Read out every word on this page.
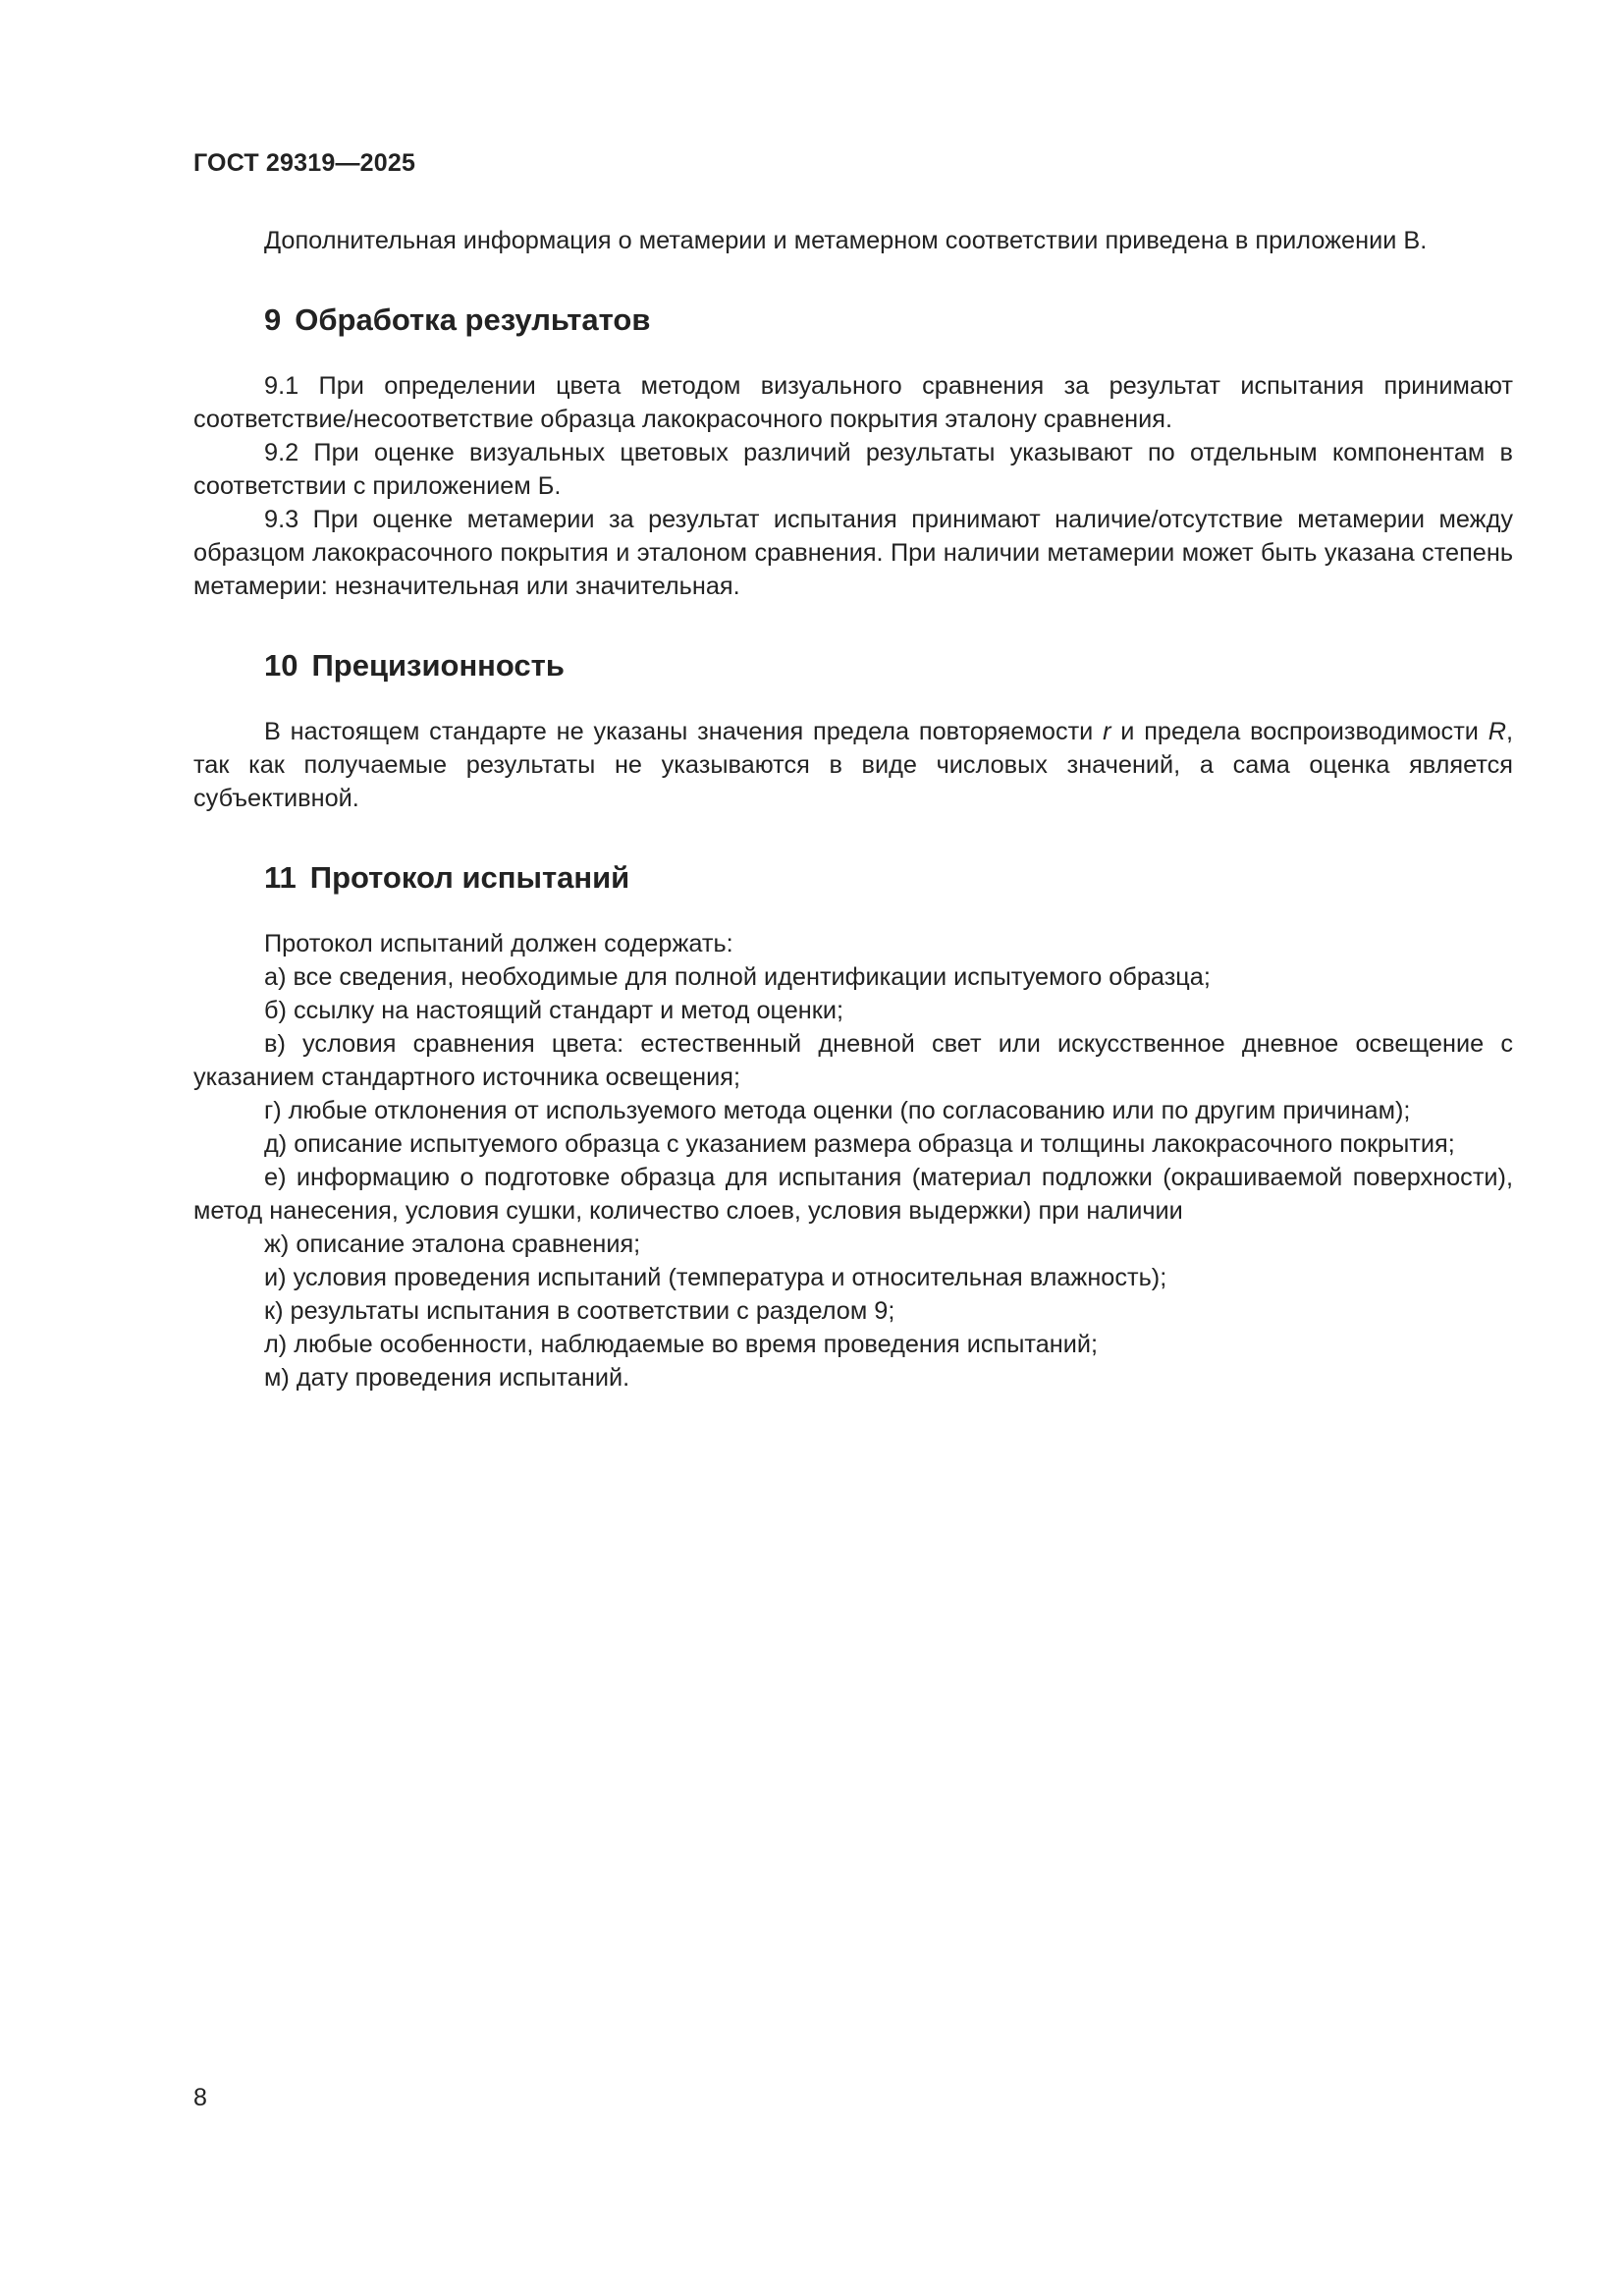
ГОСТ 29319—2025

Дополнительная информация о метамерии и метамерном соответствии приведена в приложении В.

9 Обработка результатов

9.1 При определении цвета методом визуального сравнения за результат испытания принимают соответствие/несоответствие образца лакокрасочного покрытия эталону сравнения.

9.2 При оценке визуальных цветовых различий результаты указывают по отдельным компонентам в соответствии с приложением Б.

9.3 При оценке метамерии за результат испытания принимают наличие/отсутствие метамерии между образцом лакокрасочного покрытия и эталоном сравнения. При наличии метамерии может быть указана степень метамерии: незначительная или значительная.

10 Прецизионность

В настоящем стандарте не указаны значения предела повторяемости r и предела воспроизводимости R, так как получаемые результаты не указываются в виде числовых значений, а сама оценка является субъективной.

11 Протокол испытаний

Протокол испытаний должен содержать:

а) все сведения, необходимые для полной идентификации испытуемого образца;

б) ссылку на настоящий стандарт и метод оценки;

в) условия сравнения цвета: естественный дневной свет или искусственное дневное освещение с указанием стандартного источника освещения;

г) любые отклонения от используемого метода оценки (по согласованию или по другим причинам);

д) описание испытуемого образца с указанием размера образца и толщины лакокрасочного покрытия;

е) информацию о подготовке образца для испытания (материал подложки (окрашиваемой поверхности), метод нанесения, условия сушки, количество слоев, условия выдержки) при наличии

ж) описание эталона сравнения;

и) условия проведения испытаний (температура и относительная влажность);

к) результаты испытания в соответствии с разделом 9;

л) любые особенности, наблюдаемые во время проведения испытаний;

м) дату проведения испытаний.

8
